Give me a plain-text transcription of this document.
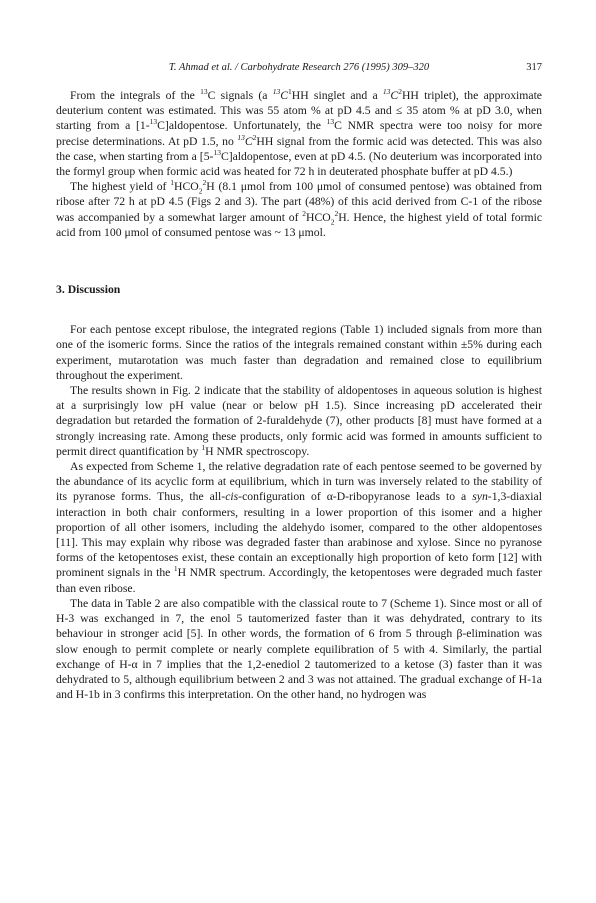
T. Ahmad et al. / Carbohydrate Research 276 (1995) 309–320	317

From the integrals of the $^{13}$C signals (a $^{13}C^1HH$ singlet and a $^{13}C^2HH$ triplet), the approximate deuterium content was estimated. This was 55 atom % at pD 4.5 and ≤ 35 atom % at pD 3.0, when starting from a [1-$^{13}$C]aldopentose. Unfortunately, the $^{13}$C NMR spectra were too noisy for more precise determinations. At pD 1.5, no $^{13}C^2HH$ signal from the formic acid was detected. This was also the case, when starting from a [5-$^{13}$C]aldopentose, even at pD 4.5. (No deuterium was incorporated into the formyl group when formic acid was heated for 72 h in deuterated phosphate buffer at pD 4.5.)

The highest yield of $^1HCO_2^2H$ (8.1 μmol from 100 μmol of consumed pentose) was obtained from ribose after 72 h at pD 4.5 (Figs 2 and 3). The part (48%) of this acid derived from C-1 of the ribose was accompanied by a somewhat larger amount of $^2HCO_2^2H$. Hence, the highest yield of total formic acid from 100 μmol of consumed pentose was ~ 13 μmol.

3. Discussion

For each pentose except ribulose, the integrated regions (Table 1) included signals from more than one of the isomeric forms. Since the ratios of the integrals remained constant within ±5% during each experiment, mutarotation was much faster than degradation and remained close to equilibrium throughout the experiment.

The results shown in Fig. 2 indicate that the stability of aldopentoses in aqueous solution is highest at a surprisingly low pH value (near or below pH 1.5). Since increasing pD accelerated their degradation but retarded the formation of 2-furaldehyde (7), other products [8] must have formed at a strongly increasing rate. Among these products, only formic acid was formed in amounts sufficient to permit direct quantification by $^1$H NMR spectroscopy.

As expected from Scheme 1, the relative degradation rate of each pentose seemed to be governed by the abundance of its acyclic form at equilibrium, which in turn was inversely related to the stability of its pyranose forms. Thus, the all-cis-configuration of α-D-ribopyranose leads to a syn-1,3-diaxial interaction in both chair conformers, resulting in a lower proportion of this isomer and a higher proportion of all other isomers, including the aldehydo isomer, compared to the other aldopentoses [11]. This may explain why ribose was degraded faster than arabinose and xylose. Since no pyranose forms of the ketopentoses exist, these contain an exceptionally high proportion of keto form [12] with prominent signals in the $^1$H NMR spectrum. Accordingly, the ketopentoses were degraded much faster than even ribose.

The data in Table 2 are also compatible with the classical route to 7 (Scheme 1). Since most or all of H-3 was exchanged in 7, the enol 5 tautomerized faster than it was dehydrated, contrary to its behaviour in stronger acid [5]. In other words, the formation of 6 from 5 through β-elimination was slow enough to permit complete or nearly complete equilibration of 5 with 4. Similarly, the partial exchange of H-α in 7 implies that the 1,2-enediol 2 tautomerized to a ketose (3) faster than it was dehydrated to 5, although equilibrium between 2 and 3 was not attained. The gradual exchange of H-1a and H-1b in 3 confirms this interpretation. On the other hand, no hydrogen was
